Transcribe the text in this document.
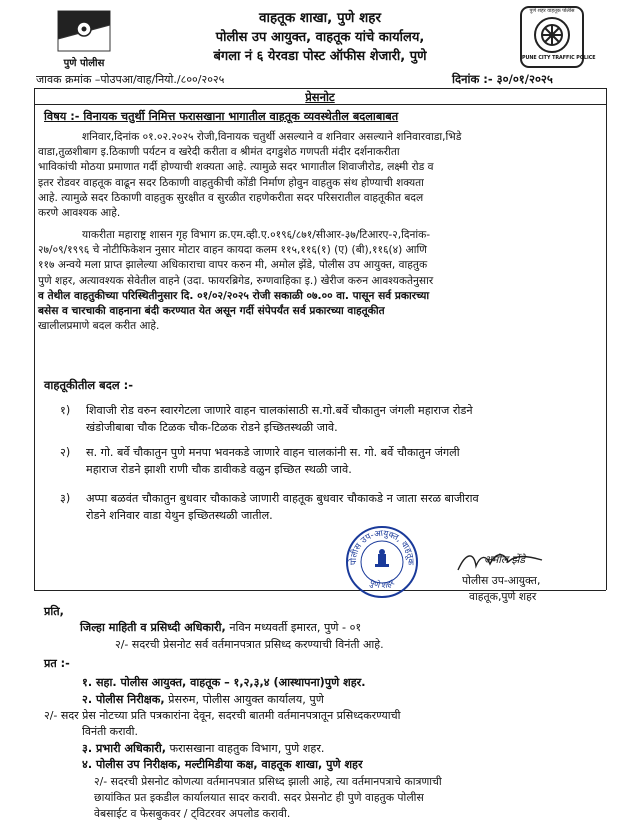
पुणे पोलीस
वाहतूक शाखा, पुणे शहर
पोलीस उप आयुक्त, वाहतूक यांचे कार्यालय,
बंगला नं ६ येरवडा पोस्ट ऑफीस शेजारी, पुणे
पुणे शहर वाहतूक पोलीस
PUNE CITY TRAFFIC POLICE
जावक क्रमांक –पोउपआ/वाह/नियो./८००/२०२५	दिनांक :- ३०/०१/२०२५
प्रेसनोट
विषय :- विनायक चतुर्थी निमित्त फरासखाना भागातील वाहतूक व्यवस्थेतील बदलाबाबत
शनिवार,दिनांक ०१.०२.२०२५ रोजी,विनायक चतुर्थी असल्याने व शनिवार असल्याने शनिवारवाडा,भिडे
वाडा,तुळशीबाग इ.ठिकाणी पर्यटन व खरेदी करीता व श्रीमंत दगडुशेठ गणपती मंदीर दर्शनाकरीता
भाविकांची मोठया प्रमाणात गर्दी होण्याची शक्यता आहे. त्यामुळे सदर भागातील शिवाजीरोड, लक्ष्मी रोड व
इतर रोडवर वाहतूक वाढून सदर ठिकाणी वाहतुकीची कोंडी निर्माण होवुन वाहतुक संथ होण्याची शक्यता
आहे. त्यामुळे सदर ठिकाणी वाहतुक सुरक्षीत व सुरळीत राहणेकरीता सदर परिसरातील वाहतूकीत बदल
करणे आवश्यक आहे.
याकरीता महाराष्ट्र शासन गृह विभाग क्र.एम.व्ही.ए.०१९६/८७१/सीआर-३७/टिआरए-२,दिनांक-
२७/०९/१९९६ चे नोटीफिकेशन नुसार मोटार वाहन कायदा कलम ११५,११६(१) (ए) (बी),११६(४) आणि
११७ अन्वये मला प्राप्त झालेल्या अधिकाराचा वापर करुन मी, अमोल झेंडे, पोलीस उप आयुक्त, वाहतुक
पुणे शहर, अत्यावश्यक सेवेतील वाहने (उदा. फायरब्रिगेड, रुग्णवाहिका इ.) खेरीज करुन आवश्यकतेनुसार
व तेथील वाहतुकीच्या परिस्थितीनुसार दि. ०१/०२/२०२५ रोजी सकाळी ०७.०० वा. पासून सर्व प्रकारच्या
बसेस व चारचाकी वाहनाना बंदी करण्यात येत असून गर्दी संपेपर्यंत सर्व प्रकारच्या वाहतूकीत
खालीलप्रमाणे बदल करीत आहे.
वाहतूकीतील बदल :-
१) शिवाजी रोड वरुन स्वारगेटला जाणारे वाहन चालकांसाठी स.गो.बर्वे चौकातुन जंगली महाराज रोडने
खंडोजीबाबा चौक टिळक चौक-टिळक रोडने इच्छितस्थळी जावे.
२) स. गो. बर्वे चौकातुन पुणे मनपा भवनकडे जाणारे वाहन चालकांनी स. गो. बर्वे चौकातुन जंगली
महाराज रोडने झाशी राणी चौक डावीकडे वळुन इच्छित स्थळी जावे.
३) अप्पा बळवंत चौकातुन बुधवार चौकाकडे जाणारी वाहतूक बुधवार चौकाकडे न जाता सरळ बाजीराव
रोडने शनिवार वाडा येथुन इच्छितस्थळी जातील.
पोलीस उप-आयुक्त, वाहतूक
पुणे शहर
अमोल झेंडे
पोलीस उप-आयुक्त,
वाहतूक,पुणे शहर
प्रति,
जिल्हा माहिती व प्रसिध्दी अधिकारी, नविन मध्यवर्ती इमारत, पुणे - ०१
२/- सदरची प्रेसनोट सर्व वर्तमानपत्रात प्रसिध्द करण्याची विनंती आहे.
प्रत :-
१. सहा. पोलीस आयुक्त, वाहतूक – १,२,३,४ (आस्थापना)पुणे शहर.
२. पोलीस निरीक्षक, प्रेसरुम, पोलीस आयुक्त कार्यालय, पुणे
२/- सदर प्रेस नोटच्या प्रति पत्रकारांना देवून, सदरची बातमी वर्तमानपत्रातून प्रसिध्दकरण्याची
विनंती करावी.
३. प्रभारी अधिकारी, फरासखाना वाहतुक विभाग, पुणे शहर.
४. पोलीस उप निरीक्षक, मल्टीमिडीया कक्ष, वाहतूक शाखा, पुणे शहर
२/- सदरची प्रेसनोट कोणत्या वर्तमानपत्रात प्रसिध्द झाली आहे, त्या वर्तमानपत्राचे कात्रणाची
छायांकित प्रत इकडील कार्यालयात सादर करावी. सदर प्रेसनोट ही पुणे वाहतुक पोलीस
वेबसाईट व फेसबुकवर / ट्विटरवर अपलोड करावी.
